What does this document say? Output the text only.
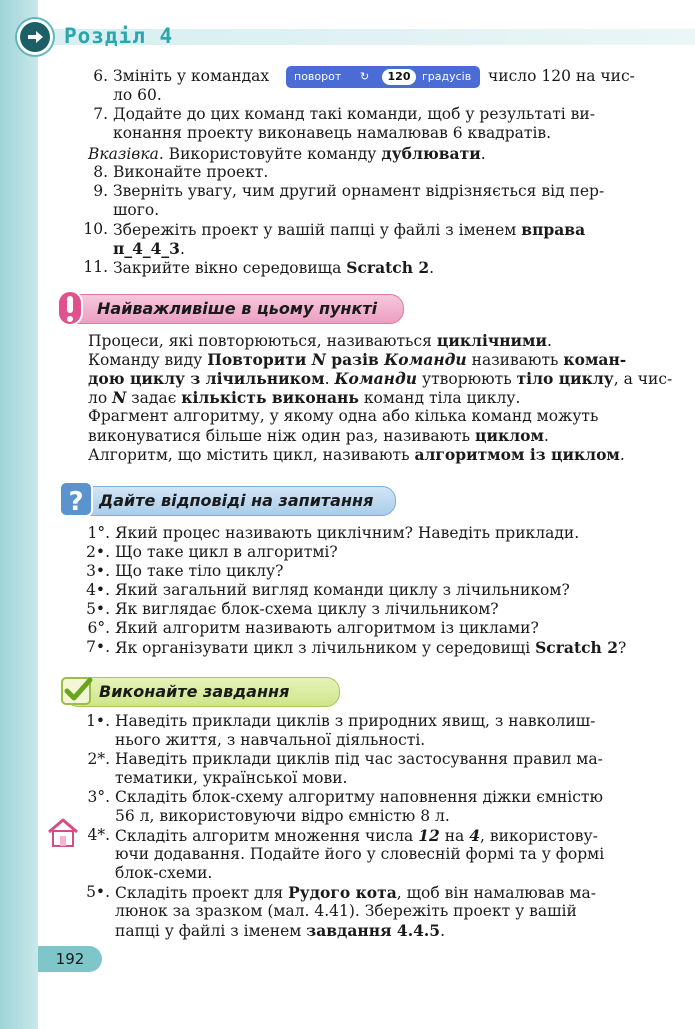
Розділ 4
6. Змініть у командах поворот ↻	120	градусів число 120 на чис-
ло 60.
7. Додайте до цих команд такі команди, щоб у результаті ви-
конання проекту виконавець намалював 6 квадратів.
Вказівка. Використовуйте команду дублювати.
8. Виконайте проект.
9. Зверніть увагу, чим другий орнамент відрізняється від пер-
шого.
10. Збережіть проект у вашій папці у файлі з іменем вправа
п_4_4_3.
11. Закрийте вікно середовища Scratch 2.
Найважливіше в цьому пункті
Процеси, які повторюються, називаються циклічними.
Команду виду Повторити N разів Команди називають коман-
дою циклу з лічильником. Команди утворюють тіло циклу, а чис-
ло N задає кількість виконань команд тіла циклу.
Фрагмент алгоритму, у якому одна або кілька команд можуть
виконуватися більше ніж один раз, називають циклом.
Алгоритм, що містить цикл, називають алгоритмом із циклом.
Дайте відповіді на запитання
?
1°. Який процес називають циклічним? Наведіть приклади.
2•. Що таке цикл в алгоритмі?
3•. Що таке тіло циклу?
4•. Який загальний вигляд команди циклу з лічильником?
5•. Як виглядає блок-схема циклу з лічильником?
6°. Який алгоритм називають алгоритмом із циклами?
7•. Як організувати цикл з лічильником у середовищі Scratch 2?
Виконайте завдання
1•. Наведіть приклади циклів з природних явищ, з навколиш-
нього життя, з навчальної діяльності.
2*. Наведіть приклади циклів під час застосування правил ма-
тематики, української мови.
3°. Складіть блок-схему алгоритму наповнення діжки ємністю
56 л, використовуючи відро ємністю 8 л.
4*. Складіть алгоритм множення числа 12 на 4, використову-
ючи додавання. Подайте його у словесній формі та у формі
блок-схеми.
5•. Складіть проект для Рудого кота, щоб він намалював ма-
люнок за зразком (мал. 4.41). Збережіть проект у вашій
папці у файлі з іменем завдання 4.4.5.
192
